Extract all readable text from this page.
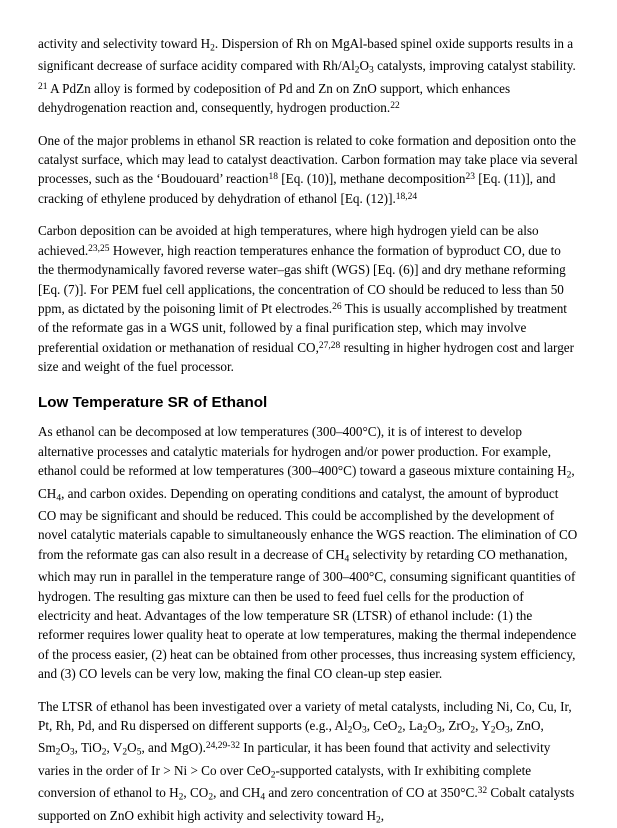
activity and selectivity toward $H_2$. Dispersion of Rh on MgAl-based spinel oxide supports results in a significant decrease of surface acidity compared with $Rh/Al_2O_3$ catalysts, improving catalyst stability. $^{21}$ A PdZn alloy is formed by codeposition of Pd and Zn on ZnO support, which enhances dehydrogenation reaction and, consequently, hydrogen production.$^{22}$

One of the major problems in ethanol SR reaction is related to coke formation and deposition onto the catalyst surface, which may lead to catalyst deactivation. Carbon formation may take place via several processes, such as the ‘Boudouard’ reaction$^{18}$ [Eq. (10)], methane decomposition$^{23}$ [Eq. (11)], and cracking of ethylene produced by dehydration of ethanol [Eq. (12)].$^{18,24}$

Carbon deposition can be avoided at high temperatures, where high hydrogen yield can be also achieved.$^{23,25}$ However, high reaction temperatures enhance the formation of byproduct CO, due to the thermodynamically favored reverse water–gas shift (WGS) [Eq. (6)] and dry methane reforming [Eq. (7)]. For PEM fuel cell applications, the concentration of CO should be reduced to less than 50 ppm, as dictated by the poisoning limit of Pt electrodes.$^{26}$ This is usually accomplished by treatment of the reformate gas in a WGS unit, followed by a final purification step, which may involve preferential oxidation or methanation of residual CO,$^{27,28}$ resulting in higher hydrogen cost and larger size and weight of the fuel processor.

Low Temperature SR of Ethanol

As ethanol can be decomposed at low temperatures (300–400°C), it is of interest to develop alternative processes and catalytic materials for hydrogen and/or power production. For example, ethanol could be reformed at low temperatures (300–400°C) toward a gaseous mixture containing $H_2$, $CH_4$, and carbon oxides. Depending on operating conditions and catalyst, the amount of byproduct CO may be significant and should be reduced. This could be accomplished by the development of novel catalytic materials capable to simultaneously enhance the WGS reaction. The elimination of CO from the reformate gas can also result in a decrease of $CH_4$ selectivity by retarding CO methanation, which may run in parallel in the temperature range of 300–400°C, consuming significant quantities of hydrogen. The resulting gas mixture can then be used to feed fuel cells for the production of electricity and heat. Advantages of the low temperature SR (LTSR) of ethanol include: (1) the reformer requires lower quality heat to operate at low temperatures, making the thermal independence of the process easier, (2) heat can be obtained from other processes, thus increasing system efficiency, and (3) CO levels can be very low, making the final CO clean-up step easier.

The LTSR of ethanol has been investigated over a variety of metal catalysts, including Ni, Co, Cu, Ir, Pt, Rh, Pd, and Ru dispersed on different supports (e.g., $Al_2O_3$, CeO$_2$, $La_2O_3$, ZrO$_2$, $Y_2O_3$, ZnO, $Sm_2O_3$, TiO$_2$, $V_2O_5$, and MgO).$^{24,29-32}$ In particular, it has been found that activity and selectivity varies in the order of Ir > Ni > Co over CeO$_2$-supported catalysts, with Ir exhibiting complete conversion of ethanol to $H_2$, $CO_2$, and $CH_4$ and zero concentration of CO at 350°C.$^{32}$ Cobalt catalysts supported on ZnO exhibit high activity and selectivity toward $H_2$,
